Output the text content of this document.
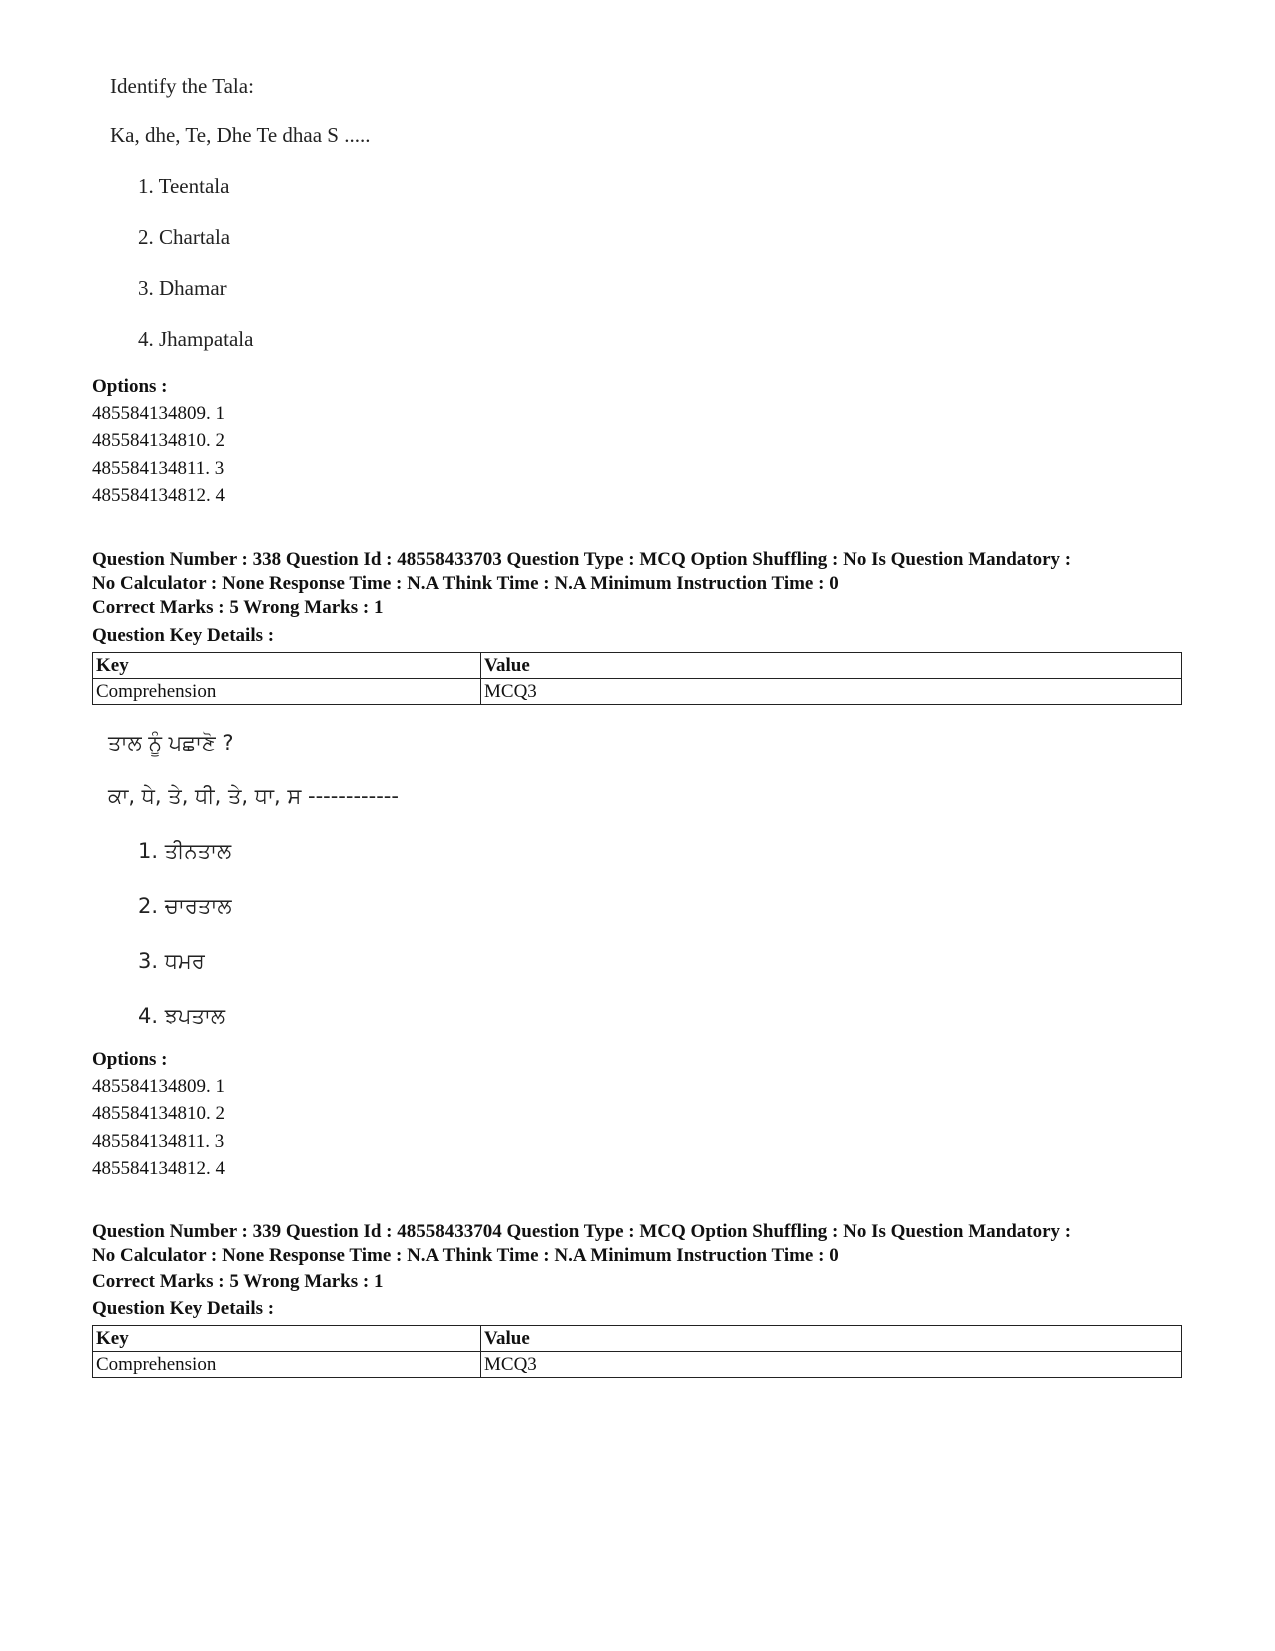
Identify the Tala:
Ka, dhe, Te, Dhe Te dhaa S .....
1. Teentala
2. Chartala
3. Dhamar
4. Jhampatala
Options :
485584134809. 1
485584134810. 2
485584134811. 3
485584134812. 4
Question Number : 338 Question Id : 48558433703 Question Type : MCQ Option Shuffling : No Is Question Mandatory :
No Calculator : None Response Time : N.A Think Time : N.A Minimum Instruction Time : 0
Correct Marks : 5 Wrong Marks : 1
Question Key Details :
Key	Value
Comprehension	MCQ3
ਤਾਲ ਨੂੰ ਪਛਾਣੋ ?
ਕਾ, ਧੇ, ਤੇ, ਧੀ, ਤੇ, ਧਾ, ਸ ------------
1. ਤੀਨਤਾਲ
2. ਚਾਰਤਾਲ
3. ਧਮਰ
4. ਝਪਤਾਲ
Options :
485584134809. 1
485584134810. 2
485584134811. 3
485584134812. 4
Question Number : 339 Question Id : 48558433704 Question Type : MCQ Option Shuffling : No Is Question Mandatory :
No Calculator : None Response Time : N.A Think Time : N.A Minimum Instruction Time : 0
Correct Marks : 5 Wrong Marks : 1
Question Key Details :
Key	Value
Comprehension	MCQ3
